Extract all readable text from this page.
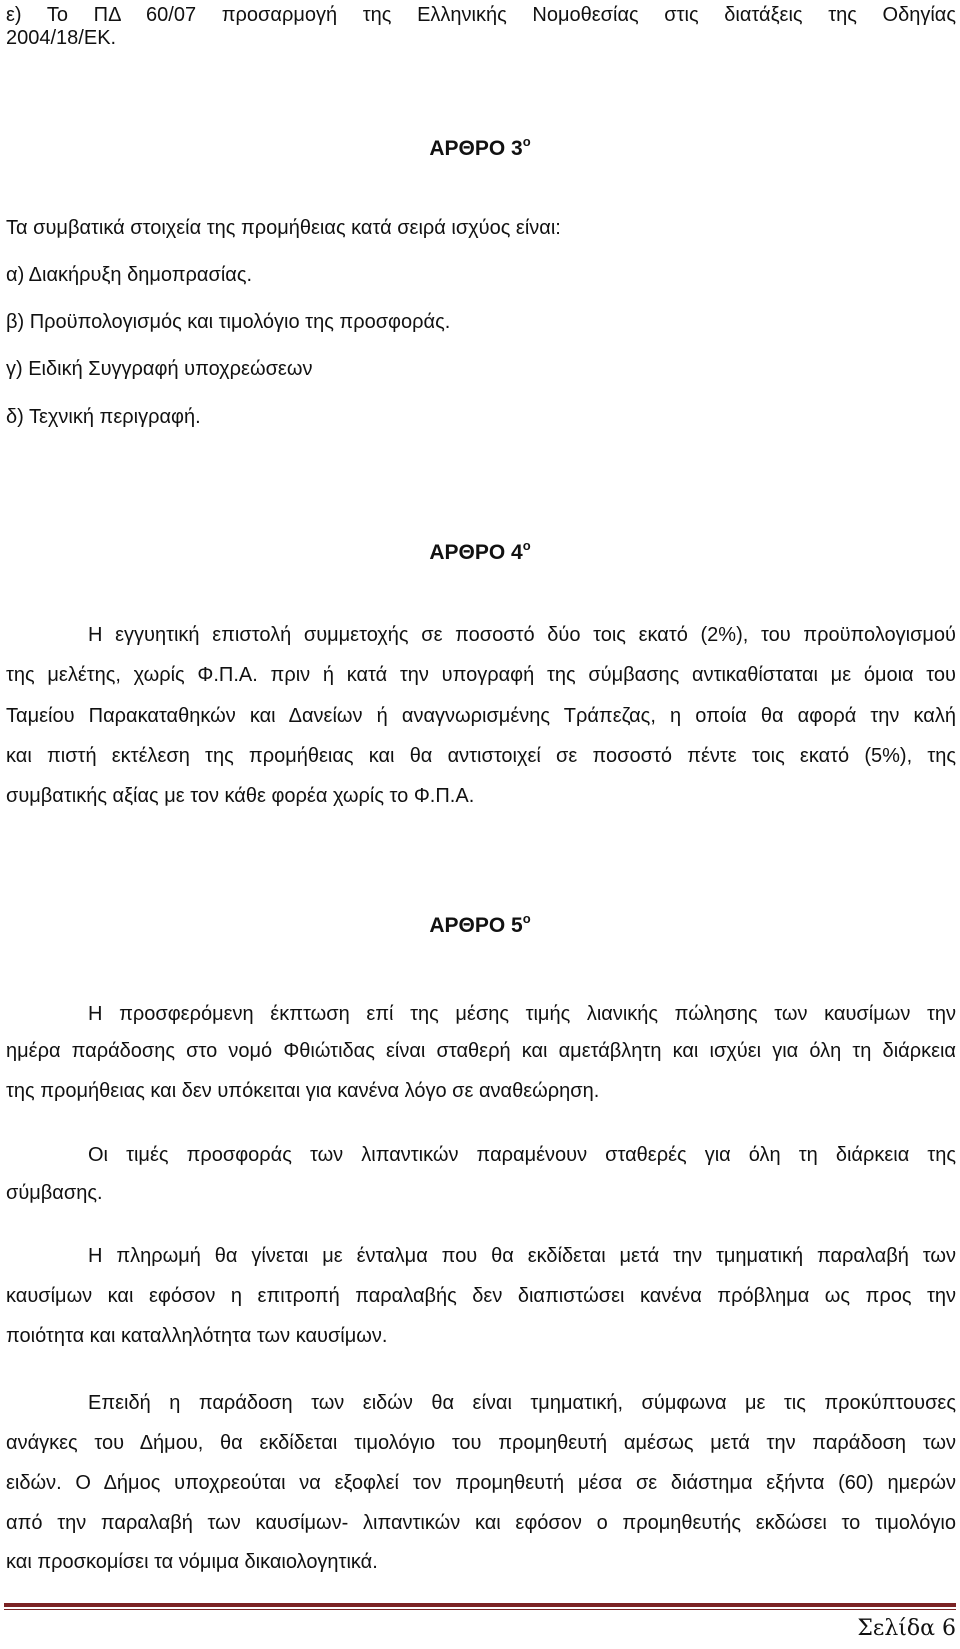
ε) Το ΠΔ 60/07 προσαρμογή της Ελληνικής Νομοθεσίας στις διατάξεις της Οδηγίας

2004/18/ΕΚ.

ΑΡΘΡΟ $3^o$

Τα συμβατικά στοιχεία της προμήθειας κατά σειρά ισχύος είναι:

α) Διακήρυξη δημοπρασίας.

β) Προϋπολογισμός και τιμολόγιο της προσφοράς.

γ) Ειδική Συγγραφή υποχρεώσεων

δ) Τεχνική περιγραφή.

ΑΡΘΡΟ $4^o$

Η εγγυητική επιστολή συμμετοχής σε ποσοστό δύο τοις εκατό (2%), του προϋπολογισμού

της μελέτης, χωρίς Φ.Π.Α. πριν ή κατά την υπογραφή της σύμβασης αντικαθίσταται με όμοια του

Ταμείου Παρακαταθηκών και Δανείων ή αναγνωρισμένης Τράπεζας, η οποία θα αφορά την καλή

και πιστή εκτέλεση της προμήθειας και θα αντιστοιχεί σε ποσοστό πέντε τοις εκατό (5%), της

συμβατικής αξίας με τον κάθε φορέα χωρίς το Φ.Π.Α.

ΑΡΘΡΟ $5^o$

Η προσφερόμενη έκπτωση επί της μέσης τιμής λιανικής πώλησης των καυσίμων την

ημέρα παράδοσης στο νομό Φθιώτιδας είναι σταθερή και αμετάβλητη και ισχύει για όλη τη διάρκεια

της προμήθειας και δεν υπόκειται για κανένα λόγο σε αναθεώρηση.

Οι τιμές προσφοράς των λιπαντικών παραμένουν σταθερές για όλη τη διάρκεια της

σύμβασης.

Η πληρωμή θα γίνεται με ένταλμα που θα εκδίδεται μετά την τμηματική παραλαβή των

καυσίμων και εφόσον η επιτροπή παραλαβής δεν διαπιστώσει κανένα πρόβλημα ως προς την

ποιότητα και καταλληλότητα των καυσίμων.

Επειδή η παράδοση των ειδών θα είναι τμηματική, σύμφωνα με τις προκύπτουσες

ανάγκες του Δήμου, θα εκδίδεται τιμολόγιο του προμηθευτή αμέσως μετά την παράδοση των

ειδών. Ο Δήμος υποχρεούται να εξοφλεί τον προμηθευτή μέσα σε διάστημα εξήντα (60) ημερών

από την παραλαβή των καυσίμων- λιπαντικών και εφόσον ο προμηθευτής εκδώσει το τιμολόγιο

και προσκομίσει τα νόμιμα δικαιολογητικά.

Σελίδα 6
